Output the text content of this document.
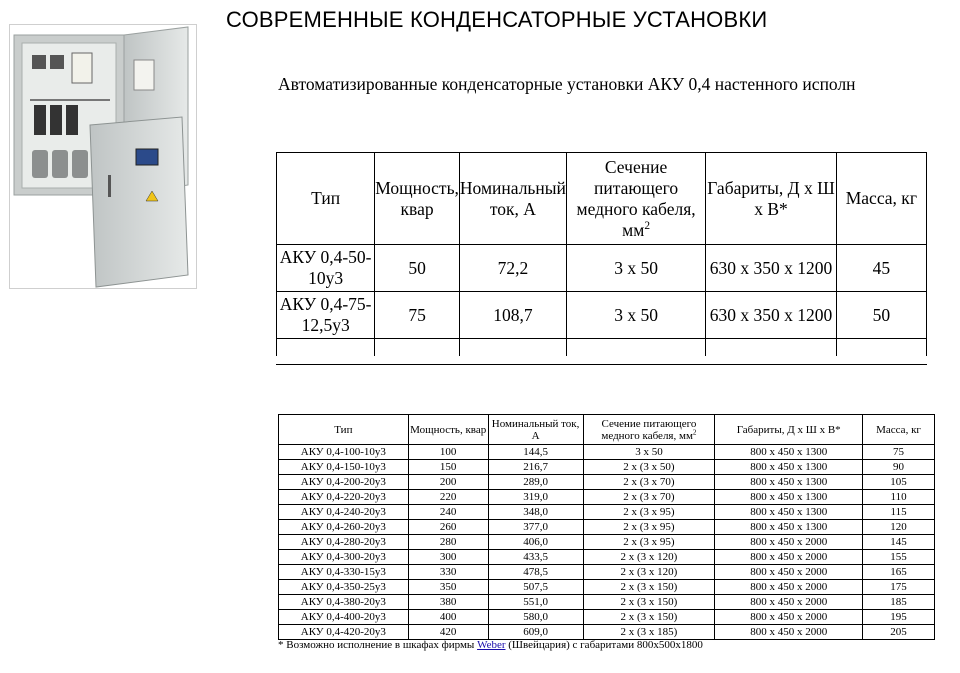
СОВРЕМЕННЫЕ КОНДЕНСАТОРНЫЕ УСТАНОВКИ
Автоматизированные конденсаторные установки АКУ 0,4 настенного исполн
Тип	Мощность, квар	Номинальный ток, А	Сечение питающего медного кабеля, $мм^2$	Габариты, Д х Ш х В*	Масса, кг
АКУ 0,4-50-10у3	50	72,2	3 х 50	630 х 350 х 1200	45
АКУ 0,4-75-12,5у3	75	108,7	3 х 50	630 х 350 х 1200	50

Тип	Мощность, квар	Номинальный ток, А	Сечение питающего медного кабеля, $мм^2$	Габариты, Д х Ш х В*	Масса, кг
АКУ 0,4-100-10у3	100	144,5	3 х 50	800 х 450 х 1300	75
АКУ 0,4-150-10у3	150	216,7	2 х (3 х 50)	800 х 450 х 1300	90
АКУ 0,4-200-20у3	200	289,0	2 х (3 х 70)	800 х 450 х 1300	105
АКУ 0,4-220-20у3	220	319,0	2 х (3 х 70)	800 х 450 х 1300	110
АКУ 0,4-240-20у3	240	348,0	2 х (3 х 95)	800 х 450 х 1300	115
АКУ 0,4-260-20у3	260	377,0	2 х (3 х 95)	800 х 450 х 1300	120
АКУ 0,4-280-20у3	280	406,0	2 х (3 х 95)	800 х 450 х 2000	145
АКУ 0,4-300-20у3	300	433,5	2 х (3 х 120)	800 х 450 х 2000	155
АКУ 0,4-330-15у3	330	478,5	2 х (3 х 120)	800 х 450 х 2000	165
АКУ 0,4-350-25у3	350	507,5	2 х (3 х 150)	800 х 450 х 2000	175
АКУ 0,4-380-20у3	380	551,0	2 х (3 х 150)	800 х 450 х 2000	185
АКУ 0,4-400-20у3	400	580,0	2 х (3 х 150)	800 х 450 х 2000	195
АКУ 0,4-420-20у3	420	609,0	2 х (3 х 185)	800 х 450 х 2000	205
* Возможно исполнение в шкафах фирмы Weber (Швейцария) с габаритами 800х500х1800
